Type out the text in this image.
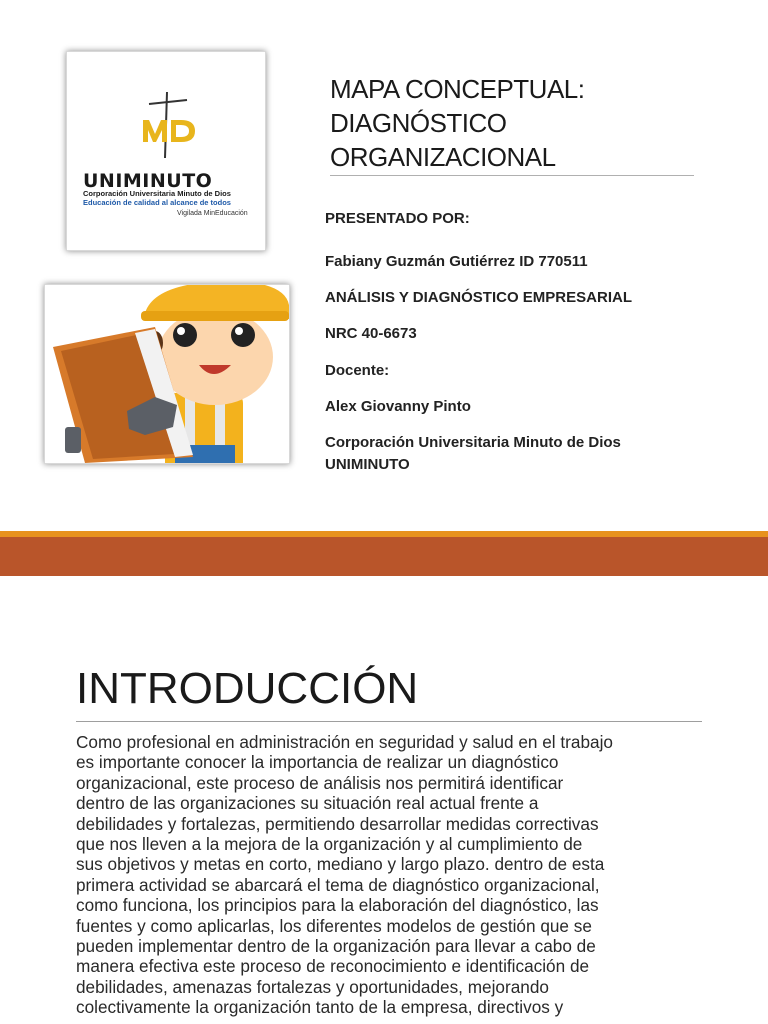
UNIMINUTO
Corporación Universitaria Minuto de Dios
Educación de calidad al alcance de todos
Vigilada MinEducación
MAPA CONCEPTUAL:
DIAGNÓSTICO
ORGANIZACIONAL
PRESENTADO POR:
Fabiany Guzmán Gutiérrez ID 770511
ANÁLISIS Y DIAGNÓSTICO EMPRESARIAL
NRC 40-6673
Docente:
Alex Giovanny Pinto
Corporación Universitaria Minuto de Dios
UNIMINUTO
INTRODUCCIÓN
Como profesional en administración en seguridad y salud en el trabajo
es importante conocer la importancia de realizar un diagnóstico
organizacional, este proceso de análisis nos permitirá identificar
dentro de las organizaciones su situación real actual frente a
debilidades y fortalezas, permitiendo desarrollar medidas correctivas
que nos lleven a la mejora de la organización y al cumplimiento de
sus objetivos y metas en corto, mediano y largo plazo. dentro de esta
primera actividad se abarcará el tema de diagnóstico organizacional,
como funciona, los principios para la elaboración del diagnóstico, las
fuentes y como aplicarlas, los diferentes modelos de gestión que se
pueden implementar dentro de la organización para llevar a cabo de
manera efectiva este proceso de reconocimiento e identificación de
debilidades, amenazas fortalezas y oportunidades, mejorando
colectivamente la organización tanto de la empresa, directivos y
